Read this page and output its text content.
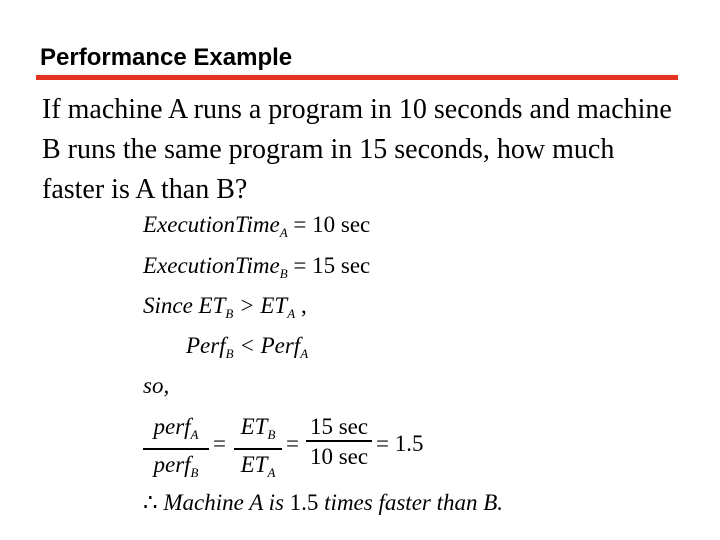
Performance Example
If machine A runs a program in 10 seconds and machine B runs the same program in 15 seconds, how much faster is A than B?
ExecutionTime$_A$ = 10 sec
ExecutionTime$_B$ = 15 sec
Since $ET_B > ET_A$ ,
Perf$_B$ < Perf$_A$
so,
perf$_A$
perf$_B$
=
$ET_B$
$ET_A$
=
15 sec
10 sec = 1.5
∴ Machine A is 1.5 times faster than B.
